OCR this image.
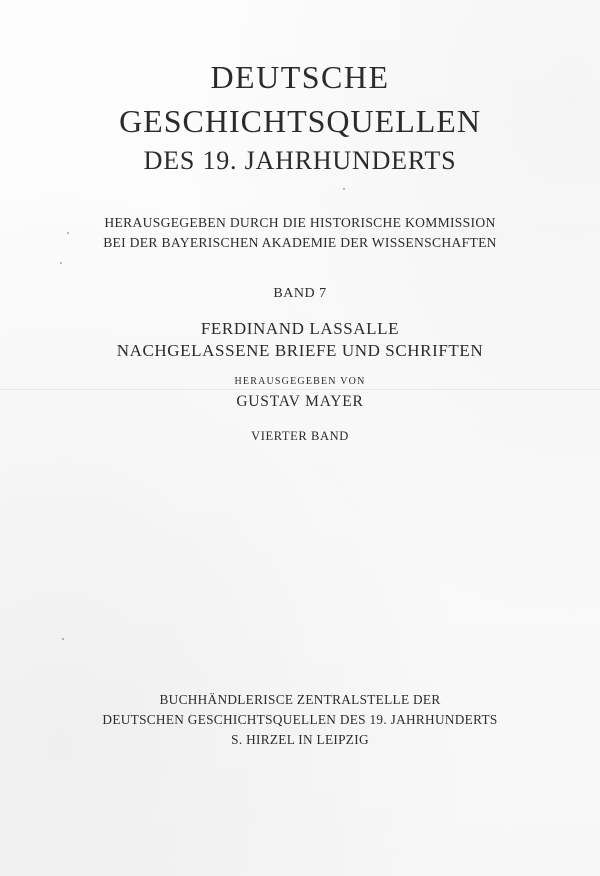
DEUTSCHE
GESCHICHTSQUELLEN
DES 19. JAHRHUNDERTS
HERAUSGEGEBEN DURCH DIE HISTORISCHE KOMMISSION
BEI DER BAYERISCHEN AKADEMIE DER WISSENSCHAFTEN
BAND 7
FERDINAND LASSALLE
NACHGELASSENE BRIEFE UND SCHRIFTEN
HERAUSGEGEBEN VON
GUSTAV MAYER
VIERTER BAND
BUCHHÄNDLERISCE ZENTRALSTELLE DER
DEUTSCHEN GESCHICHTSQUELLEN DES 19. JAHRHUNDERTS
S. HIRZEL IN LEIPZIG
